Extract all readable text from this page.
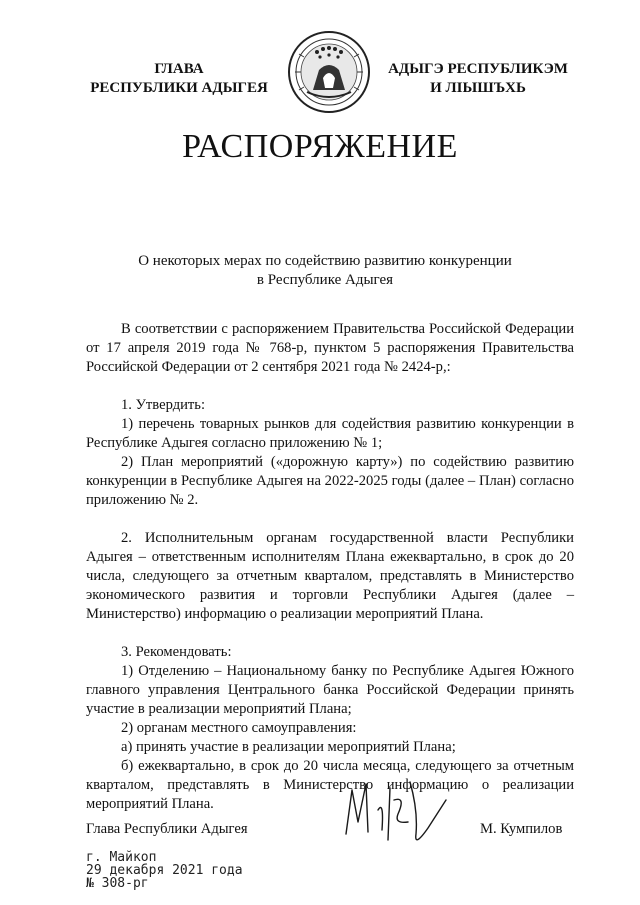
ГЛАВА
РЕСПУБЛИКИ АДЫГЕЯ
АДЫГЭ РЕСПУБЛИКЭМ
И ЛІЫШЪХЬ
РАСПОРЯЖЕНИЕ
О некоторых мерах по содействию развитию конкуренции
в Республике Адыгея

В соответствии с распоряжением Правительства Российской Федерации от 17 апреля 2019 года № 768-р, пунктом 5 распоряжения Правительства Российской Федерации от 2 сентября 2021 года № 2424-р,:

1. Утвердить:

1) перечень товарных рынков для содействия развитию конкуренции в Республике Адыгея согласно приложению № 1;

2) План мероприятий («дорожную карту») по содействию развитию конкуренции в Республике Адыгея на 2022-2025 годы (далее – План) согласно приложению № 2.

2. Исполнительным органам государственной власти Республики Адыгея – ответственным исполнителям Плана ежеквартально, в срок до 20 числа, следующего за отчетным кварталом, представлять в Министерство экономического развития и торговли Республики Адыгея (далее – Министерство) информацию о реализации мероприятий Плана.

3. Рекомендовать:

1) Отделению – Национальному банку по Республике Адыгея Южного главного управления Центрального банка Российской Федерации принять участие в реализации мероприятий Плана;

2) органам местного самоуправления:

а) принять участие в реализации мероприятий Плана;

б) ежеквартально, в срок до 20 числа месяца, следующего за отчетным кварталом, представлять в Министерство информацию о реализации мероприятий Плана.

Глава Республики Адыгея	М. Кумпилов
г. Майкоп
29 декабря 2021 года
№ 308-рг
